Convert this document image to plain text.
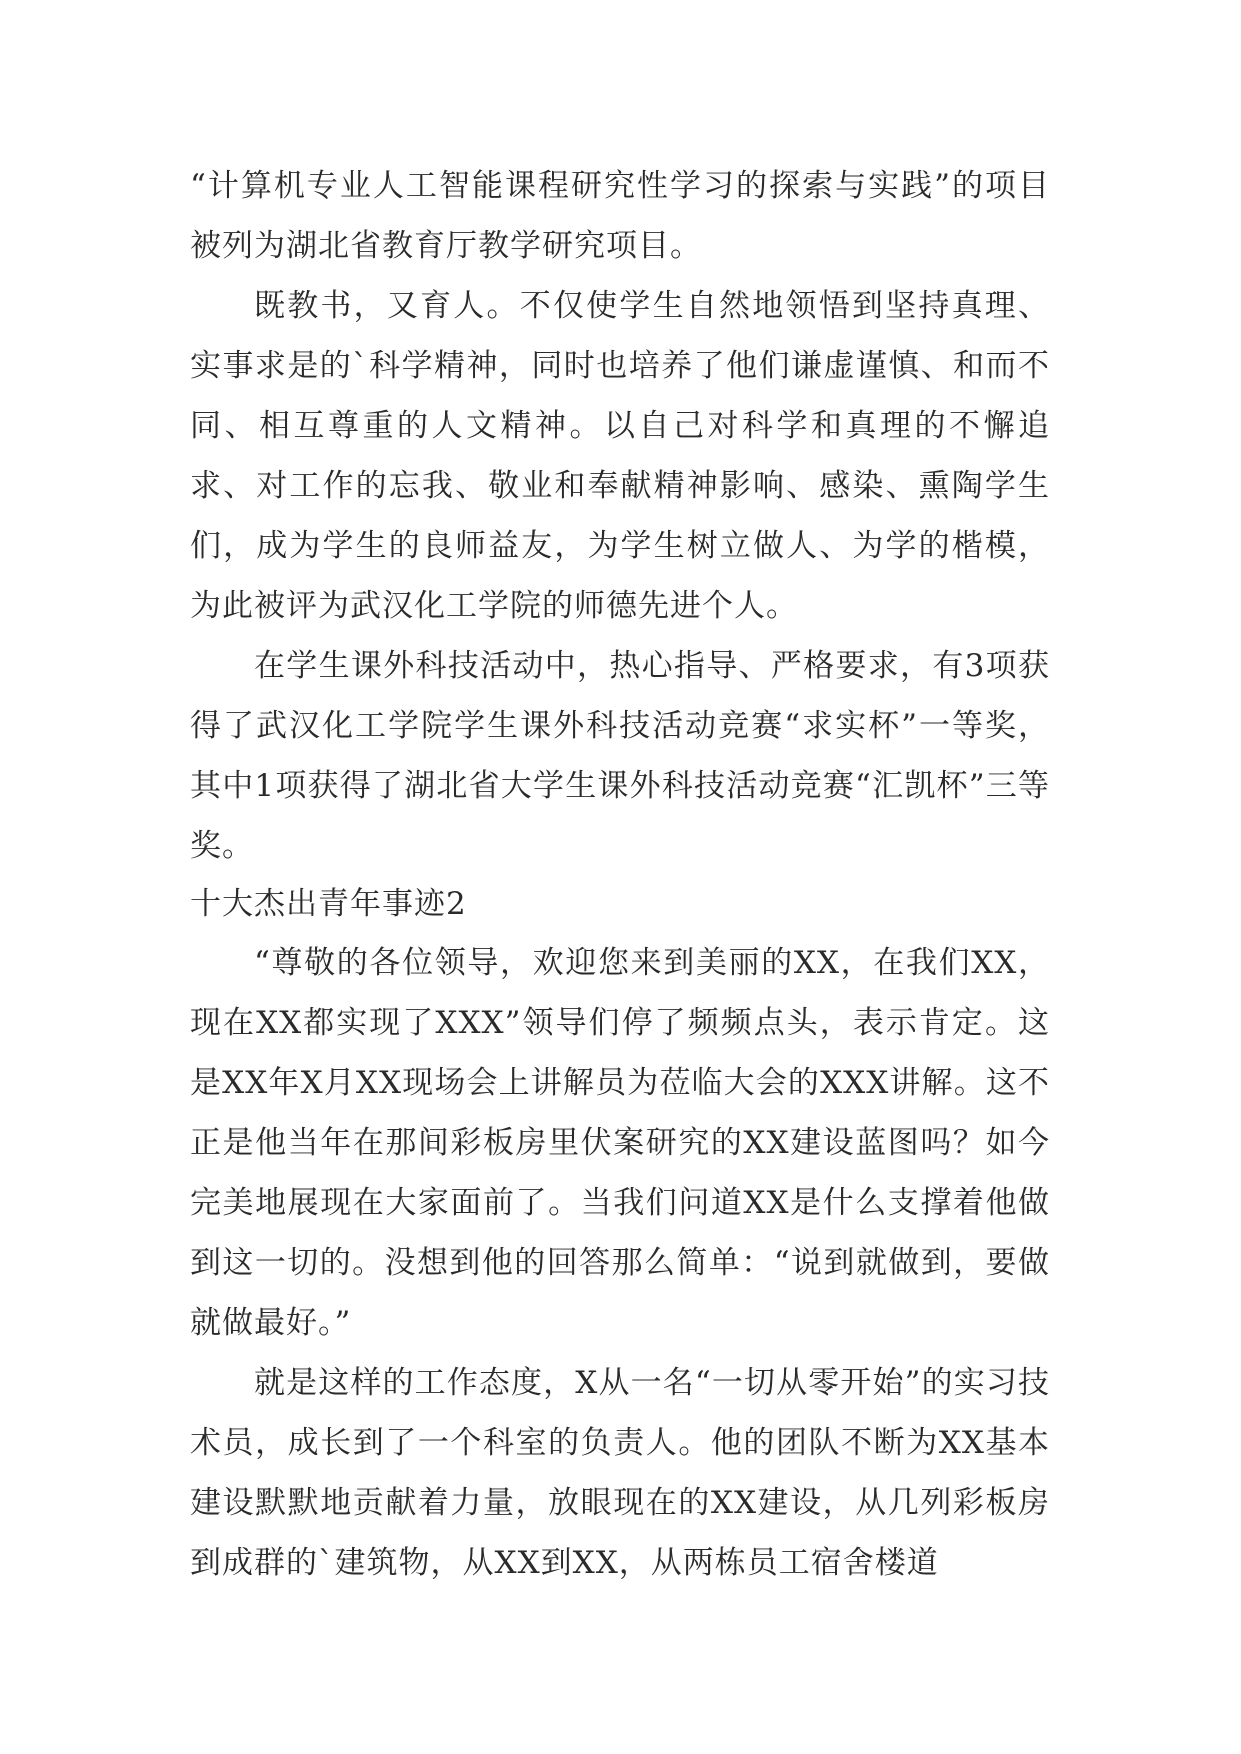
“计算机专业人工智能课程研究性学习的探索与实践”的项目被列为湖北省教育厅教学研究项目。

既教书，又育人。不仅使学生自然地领悟到坚持真理、实事求是的`科学精神，同时也培养了他们谦虚谨慎、和而不同、相互尊重的人文精神。以自己对科学和真理的不懈追求、对工作的忘我、敬业和奉献精神影响、感染、熏陶学生们，成为学生的良师益友，为学生树立做人、为学的楷模，为此被评为武汉化工学院的师德先进个人。

在学生课外科技活动中，热心指导、严格要求，有3项获得了武汉化工学院学生课外科技活动竞赛“求实杯”一等奖，其中1项获得了湖北省大学生课外科技活动竞赛“汇凯杯”三等奖。

十大杰出青年事迹2

“尊敬的各位领导，欢迎您来到美丽的XX，在我们XX，现在XX都实现了XXX”领导们停了频频点头，表示肯定。这是XX年X月XX现场会上讲解员为莅临大会的XXX讲解。这不正是他当年在那间彩板房里伏案研究的XX建设蓝图吗？如今完美地展现在大家面前了。当我们问道XX是什么支撑着他做到这一切的。没想到他的回答那么简单：“说到就做到，要做就做最好。”

就是这样的工作态度，X从一名“一切从零开始”的实习技术员，成长到了一个科室的负责人。他的团队不断为XX基本建设默默地贡献着力量，放眼现在的XX建设，从几列彩板房到成群的`建筑物，从XX到XX，从两栋员工宿舍楼道
